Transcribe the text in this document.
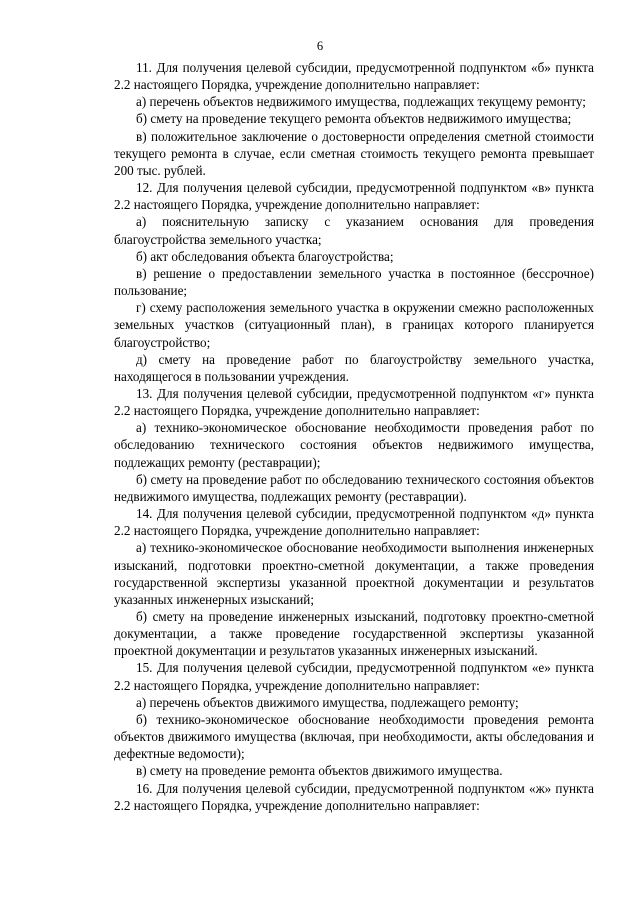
6

11. Для получения целевой субсидии, предусмотренной подпунктом «б» пункта 2.2 настоящего Порядка, учреждение дополнительно направляет:

а) перечень объектов недвижимого имущества, подлежащих текущему ремонту;

б) смету на проведение текущего ремонта объектов недвижимого имущества;

в) положительное заключение о достоверности определения сметной стоимости текущего ремонта в случае, если сметная стоимость текущего ремонта превышает 200 тыс. рублей.

12. Для получения целевой субсидии, предусмотренной подпунктом «в» пункта 2.2 настоящего Порядка, учреждение дополнительно направляет:

а) пояснительную записку с указанием основания для проведения благоустройства земельного участка;

б) акт обследования объекта благоустройства;

в) решение о предоставлении земельного участка в постоянное (бессрочное) пользование;

г) схему расположения земельного участка в окружении смежно расположенных земельных участков (ситуационный план), в границах которого планируется благоустройство;

д) смету на проведение работ по благоустройству земельного участка, находящегося в пользовании учреждения.

13. Для получения целевой субсидии, предусмотренной подпунктом «г» пункта 2.2 настоящего Порядка, учреждение дополнительно направляет:

а) технико-экономическое обоснование необходимости проведения работ по обследованию технического состояния объектов недвижимого имущества, подлежащих ремонту (реставрации);

б) смету на проведение работ по обследованию технического состояния объектов недвижимого имущества, подлежащих ремонту (реставрации).

14. Для получения целевой субсидии, предусмотренной подпунктом «д» пункта 2.2 настоящего Порядка, учреждение дополнительно направляет:

а) технико-экономическое обоснование необходимости выполнения инженерных изысканий, подготовки проектно-сметной документации, а также проведения государственной экспертизы указанной проектной документации и результатов указанных инженерных изысканий;

б) смету на проведение инженерных изысканий, подготовку проектно-сметной документации, а также проведение государственной экспертизы указанной проектной документации и результатов указанных инженерных изысканий.

15. Для получения целевой субсидии, предусмотренной подпунктом «е» пункта 2.2 настоящего Порядка, учреждение дополнительно направляет:

а) перечень объектов движимого имущества, подлежащего ремонту;

б) технико-экономическое обоснование необходимости проведения ремонта объектов движимого имущества (включая, при необходимости, акты обследования и дефектные ведомости);

в) смету на проведение ремонта объектов движимого имущества.

16. Для получения целевой субсидии, предусмотренной подпунктом «ж» пункта 2.2 настоящего Порядка, учреждение дополнительно направляет:
